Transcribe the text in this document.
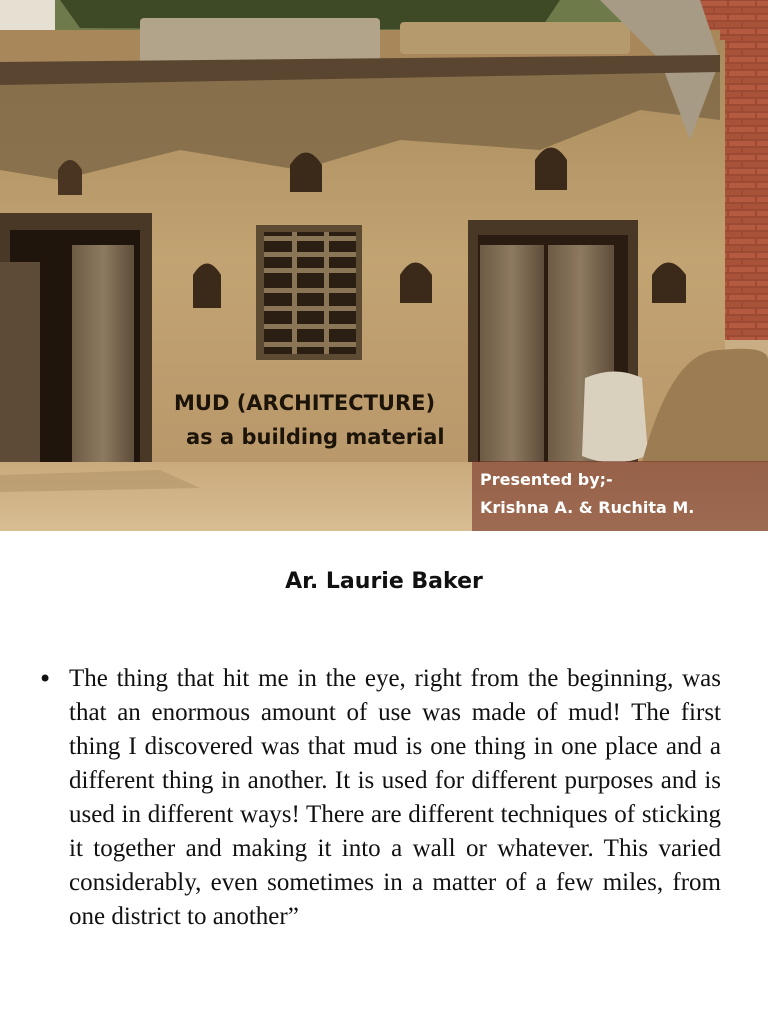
MUD (ARCHITECTURE)
as a building material
Presented by;-
Krishna A. & Ruchita M.
Ar. Laurie Baker
• The thing that hit me in the eye, right from the beginning, was that an enormous amount of use was made of mud! The first thing I discovered was that mud is one thing in one place and a different thing in another. It is used for different purposes and is used in different ways! There are different techniques of sticking it together and making it into a wall or whatever. This varied considerably, even sometimes in a matter of a few miles, from one district to another”
